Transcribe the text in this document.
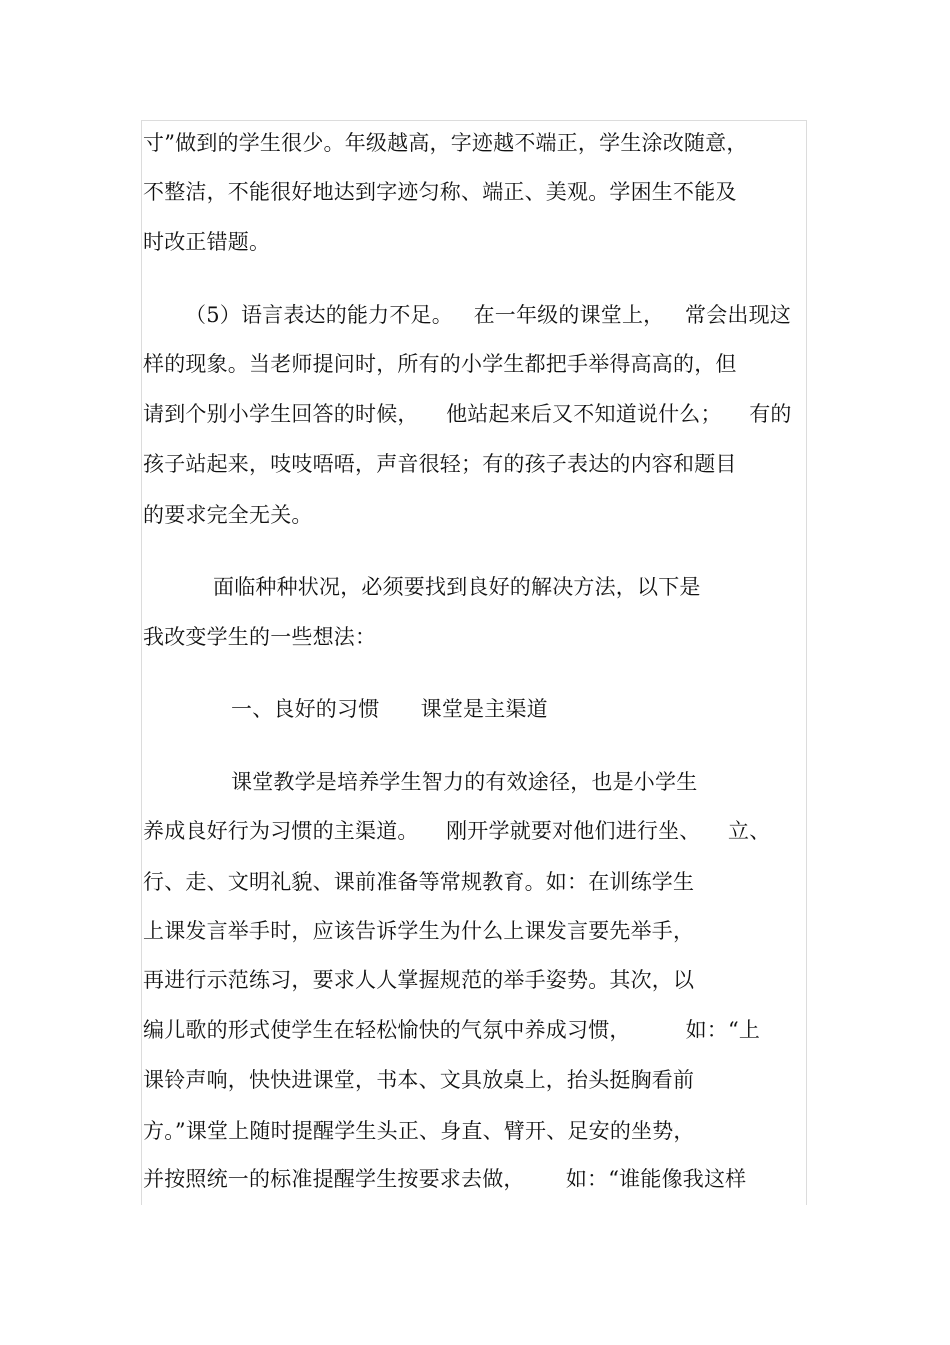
寸”做到的学生很少。年级越高，字迹越不端正，学生涂改随意，
不整洁，不能很好地达到字迹匀称、端正、美观。学困生不能及
时改正错题。
（5）语言表达的能力不足。   在一年级的课堂上，   常会出现这
样的现象。当老师提问时，所有的小学生都把手举得高高的，但
请到个别小学生回答的时候，    他站起来后又不知道说什么；    有的
孩子站起来，吱吱唔唔，声音很轻；有的孩子表达的内容和题目
的要求完全无关。
面临种种状况，必须要找到良好的解决方法，以下是
我改变学生的一些想法：
一、良好的习惯      课堂是主渠道
课堂教学是培养学生智力的有效途径，也是小学生
养成良好行为习惯的主渠道。    刚开学就要对他们进行坐、    立、
行、走、文明礼貌、课前准备等常规教育。如：在训练学生
上课发言举手时，应该告诉学生为什么上课发言要先举手，
再进行示范练习，要求人人掌握规范的举手姿势。其次，以
编儿歌的形式使学生在轻松愉快的气氛中养成习惯，        如：“上
课铃声响，快快进课堂，书本、文具放桌上，抬头挺胸看前
方。”课堂上随时提醒学生头正、身直、臂开、足安的坐势，
并按照统一的标准提醒学生按要求去做，      如：“谁能像我这样
